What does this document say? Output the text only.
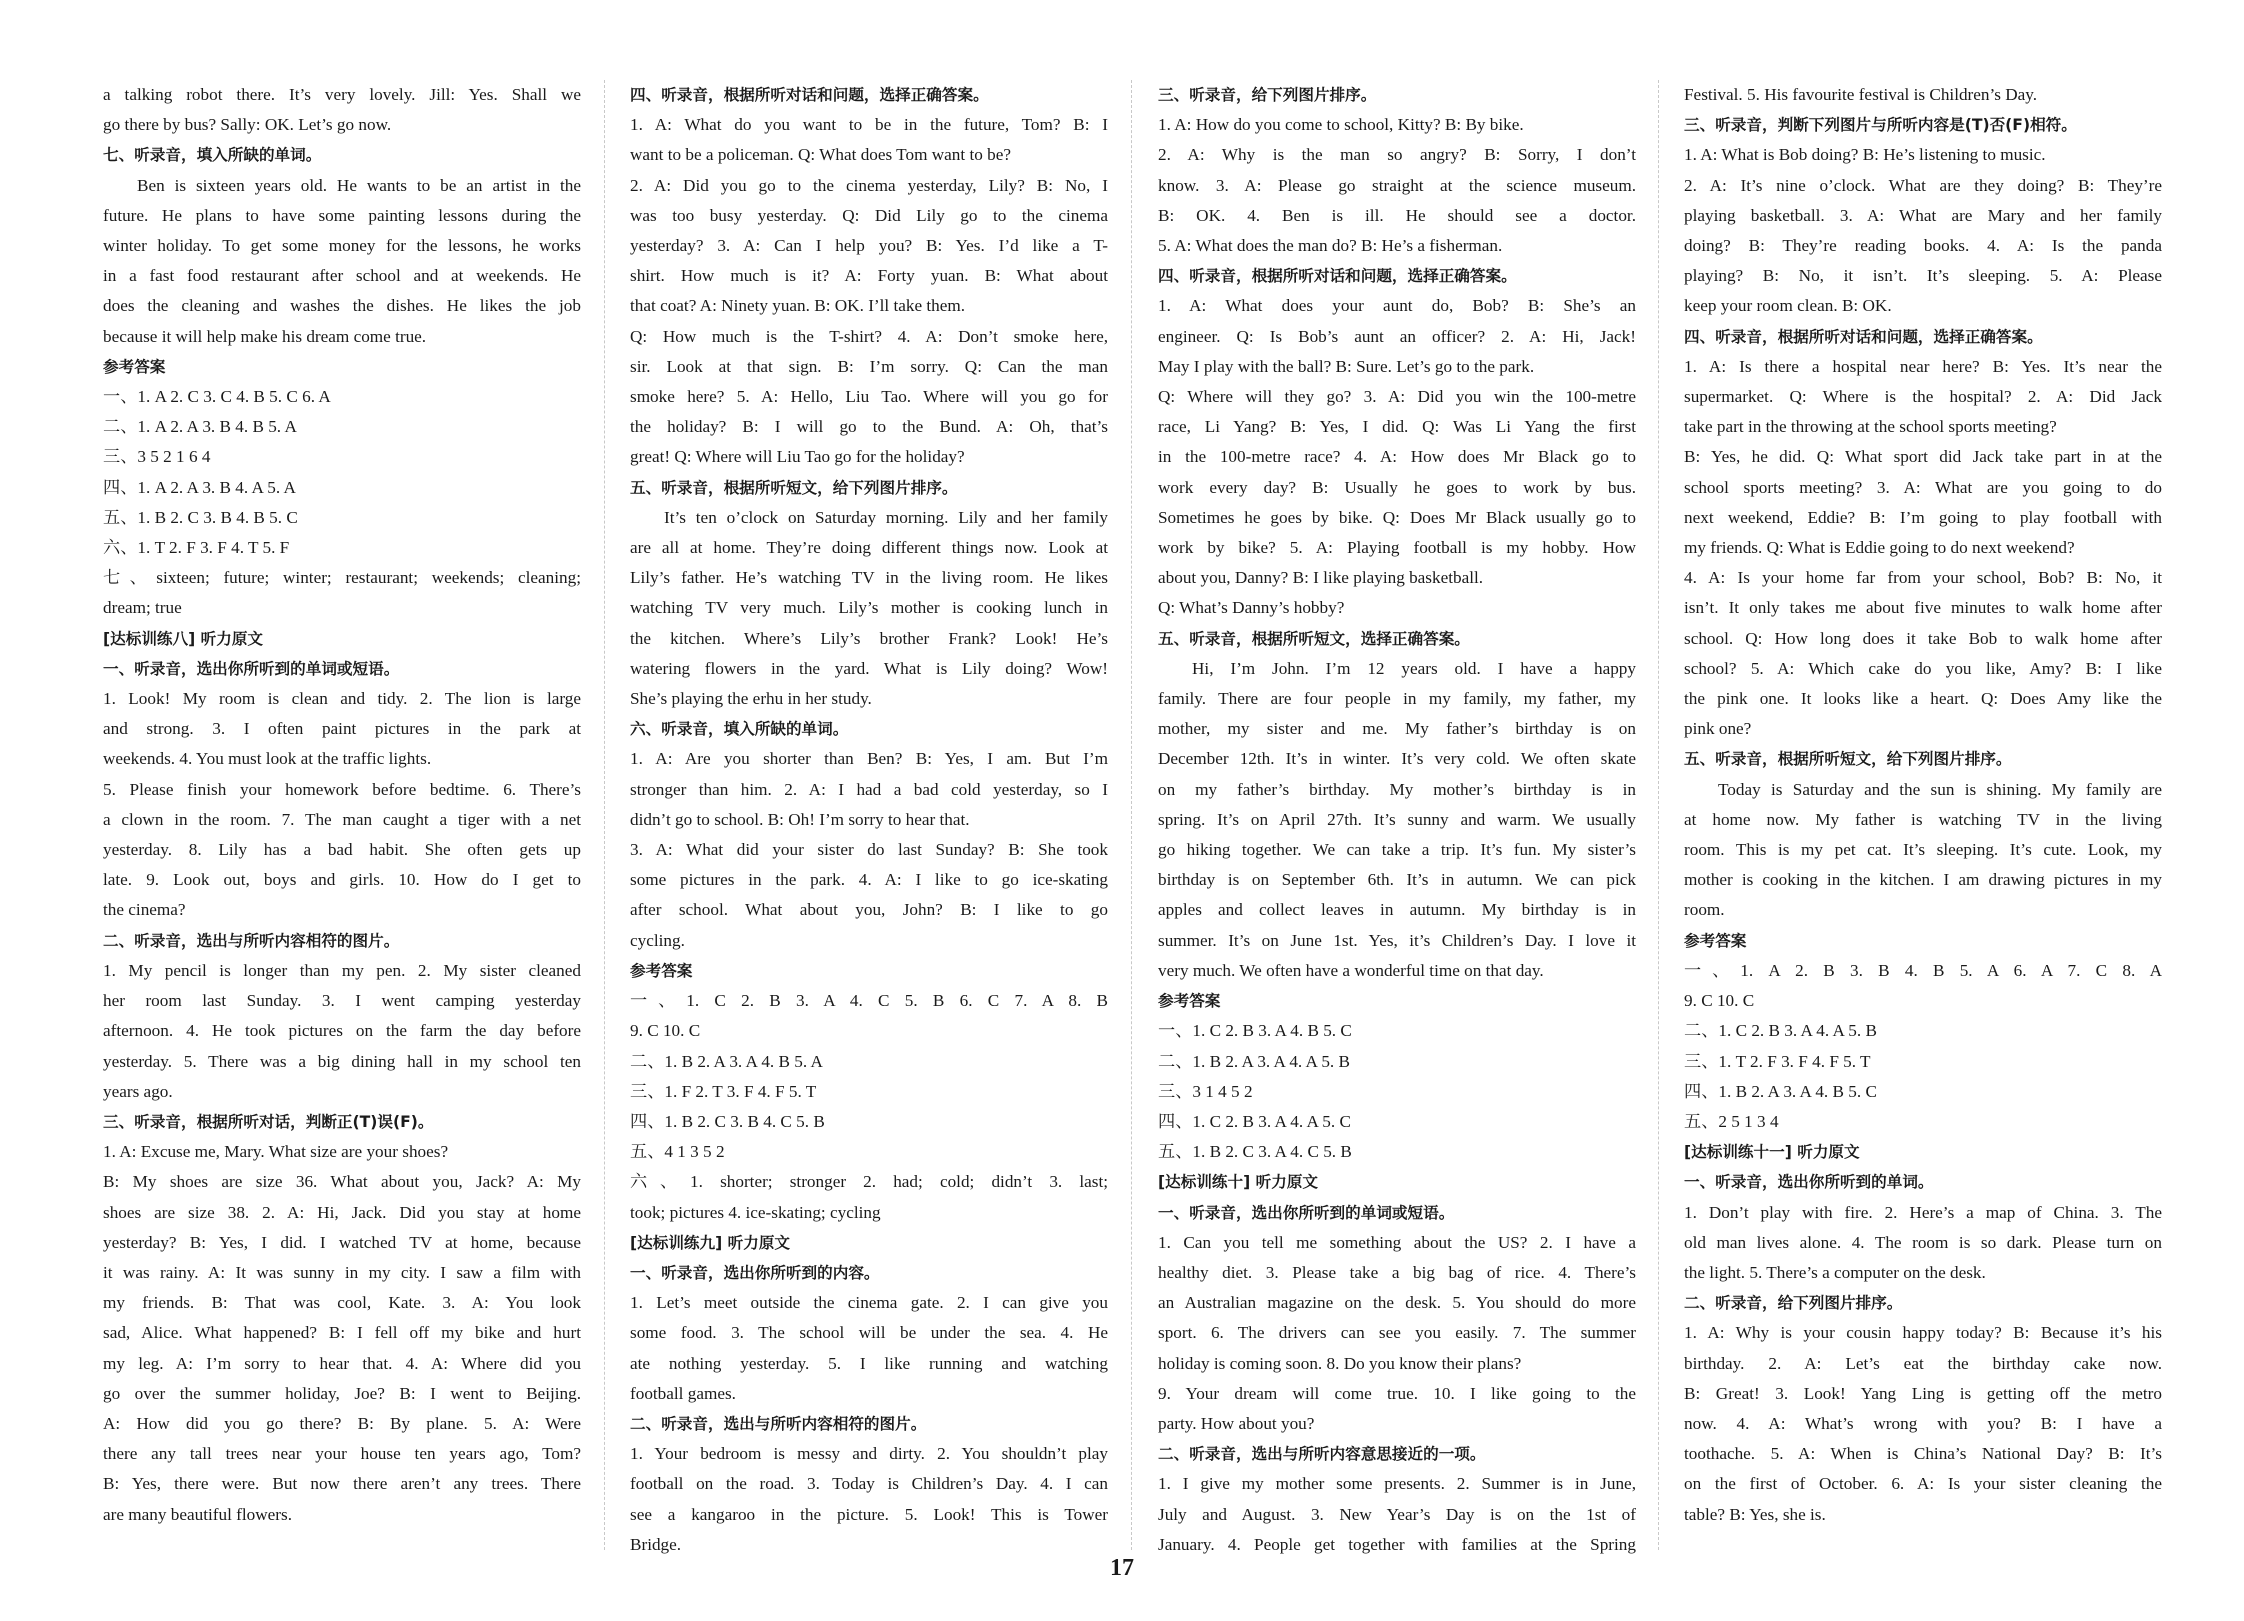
a talking robot there. It’s very lovely. Jill: Yes. Shall we
go there by bus? Sally: OK. Let’s go now.
七、听录音，填入所缺的单词。
Ben is sixteen years old. He wants to be an artist in the
future. He plans to have some painting lessons during the
winter holiday. To get some money for the lessons, he works
in a fast food restaurant after school and at weekends. He
does the cleaning and washes the dishes. He likes the job
because it will help make his dream come true.
参考答案
一、1. A 2. C 3. C 4. B 5. C 6. A
二、1. A 2. A 3. B 4. B 5. A
三、3 5 2 1 6 4
四、1. A 2. A 3. B 4. A 5. A
五、1. B 2. C 3. B 4. B 5. C
六、1. T 2. F 3. F 4. T 5. F
七、sixteen; future; winter; restaurant; weekends; cleaning;
dream; true
[达标训练八] 听力原文
一、听录音，选出你所听到的单词或短语。
1. Look! My room is clean and tidy. 2. The lion is large
and strong. 3. I often paint pictures in the park at
weekends. 4. You must look at the traffic lights.
5. Please finish your homework before bedtime. 6. There’s
a clown in the room. 7. The man caught a tiger with a net
yesterday. 8. Lily has a bad habit. She often gets up
late. 9. Look out, boys and girls. 10. How do I get to
the cinema?
二、听录音，选出与所听内容相符的图片。
1. My pencil is longer than my pen. 2. My sister cleaned
her room last Sunday. 3. I went camping yesterday
afternoon. 4. He took pictures on the farm the day before
yesterday. 5. There was a big dining hall in my school ten
years ago.
三、听录音，根据所听对话，判断正(T)误(F)。
1. A: Excuse me, Mary. What size are your shoes?
B: My shoes are size 36. What about you, Jack? A: My
shoes are size 38. 2. A: Hi, Jack. Did you stay at home
yesterday? B: Yes, I did. I watched TV at home, because
it was rainy. A: It was sunny in my city. I saw a film with
my friends. B: That was cool, Kate. 3. A: You look
sad, Alice. What happened? B: I fell off my bike and hurt
my leg. A: I’m sorry to hear that. 4. A: Where did you
go over the summer holiday, Joe? B: I went to Beijing.
A: How did you go there? B: By plane. 5. A: Were
there any tall trees near your house ten years ago, Tom?
B: Yes, there were. But now there aren’t any trees. There
are many beautiful flowers.
四、听录音，根据所听对话和问题，选择正确答案。
1. A: What do you want to be in the future, Tom? B: I
want to be a policeman. Q: What does Tom want to be?
2. A: Did you go to the cinema yesterday, Lily? B: No, I
was too busy yesterday. Q: Did Lily go to the cinema
yesterday? 3. A: Can I help you? B: Yes. I’d like a T-
shirt. How much is it? A: Forty yuan. B: What about
that coat? A: Ninety yuan. B: OK. I’ll take them.
Q: How much is the T-shirt? 4. A: Don’t smoke here,
sir. Look at that sign. B: I’m sorry. Q: Can the man
smoke here? 5. A: Hello, Liu Tao. Where will you go for
the holiday? B: I will go to the Bund. A: Oh, that’s
great! Q: Where will Liu Tao go for the holiday?
五、听录音，根据所听短文，给下列图片排序。
It’s ten o’clock on Saturday morning. Lily and her family
are all at home. They’re doing different things now. Look at
Lily’s father. He’s watching TV in the living room. He likes
watching TV very much. Lily’s mother is cooking lunch in
the kitchen. Where’s Lily’s brother Frank? Look! He’s
watering flowers in the yard. What is Lily doing? Wow!
She’s playing the erhu in her study.
六、听录音，填入所缺的单词。
1. A: Are you shorter than Ben? B: Yes, I am. But I’m
stronger than him. 2. A: I had a bad cold yesterday, so I
didn’t go to school. B: Oh! I’m sorry to hear that.
3. A: What did your sister do last Sunday? B: She took
some pictures in the park. 4. A: I like to go ice-skating
after school. What about you, John? B: I like to go
cycling.
参考答案
一、1. C 2. B 3. A 4. C 5. B 6. C 7. A 8. B
9. C 10. C
二、1. B 2. A 3. A 4. B 5. A
三、1. F 2. T 3. F 4. F 5. T
四、1. B 2. C 3. B 4. C 5. B
五、4 1 3 5 2
六、1. shorter; stronger 2. had; cold; didn’t 3. last;
took; pictures 4. ice-skating; cycling
[达标训练九] 听力原文
一、听录音，选出你所听到的内容。
1. Let’s meet outside the cinema gate. 2. I can give you
some food. 3. The school will be under the sea. 4. He
ate nothing yesterday. 5. I like running and watching
football games.
二、听录音，选出与所听内容相符的图片。
1. Your bedroom is messy and dirty. 2. You shouldn’t play
football on the road. 3. Today is Children’s Day. 4. I can
see a kangaroo in the picture. 5. Look! This is Tower
Bridge.
三、听录音，给下列图片排序。
1. A: How do you come to school, Kitty? B: By bike.
2. A: Why is the man so angry? B: Sorry, I don’t
know. 3. A: Please go straight at the science museum.
B: OK. 4. Ben is ill. He should see a doctor.
5. A: What does the man do? B: He’s a fisherman.
四、听录音，根据所听对话和问题，选择正确答案。
1. A: What does your aunt do, Bob? B: She’s an
engineer. Q: Is Bob’s aunt an officer? 2. A: Hi, Jack!
May I play with the ball? B: Sure. Let’s go to the park.
Q: Where will they go? 3. A: Did you win the 100-metre
race, Li Yang? B: Yes, I did. Q: Was Li Yang the first
in the 100-metre race? 4. A: How does Mr Black go to
work every day? B: Usually he goes to work by bus.
Sometimes he goes by bike. Q: Does Mr Black usually go to
work by bike? 5. A: Playing football is my hobby. How
about you, Danny? B: I like playing basketball.
Q: What’s Danny’s hobby?
五、听录音，根据所听短文，选择正确答案。
Hi, I’m John. I’m 12 years old. I have a happy
family. There are four people in my family, my father, my
mother, my sister and me. My father’s birthday is on
December 12th. It’s in winter. It’s very cold. We often skate
on my father’s birthday. My mother’s birthday is in
spring. It’s on April 27th. It’s sunny and warm. We usually
go hiking together. We can take a trip. It’s fun. My sister’s
birthday is on September 6th. It’s in autumn. We can pick
apples and collect leaves in autumn. My birthday is in
summer. It’s on June 1st. Yes, it’s Children’s Day. I love it
very much. We often have a wonderful time on that day.
参考答案
一、1. C 2. B 3. A 4. B 5. C
二、1. B 2. A 3. A 4. A 5. B
三、3 1 4 5 2
四、1. C 2. B 3. A 4. A 5. C
五、1. B 2. C 3. A 4. C 5. B
[达标训练十] 听力原文
一、听录音，选出你所听到的单词或短语。
1. Can you tell me something about the US? 2. I have a
healthy diet. 3. Please take a big bag of rice. 4. There’s
an Australian magazine on the desk. 5. You should do more
sport. 6. The drivers can see you easily. 7. The summer
holiday is coming soon. 8. Do you know their plans?
9. Your dream will come true. 10. I like going to the
party. How about you?
二、听录音，选出与所听内容意思接近的一项。
1. I give my mother some presents. 2. Summer is in June,
July and August. 3. New Year’s Day is on the 1st of
January. 4. People get together with families at the Spring
Festival. 5. His favourite festival is Children’s Day.
三、听录音，判断下列图片与所听内容是(T)否(F)相符。
1. A: What is Bob doing? B: He’s listening to music.
2. A: It’s nine o’clock. What are they doing? B: They’re
playing basketball. 3. A: What are Mary and her family
doing? B: They’re reading books. 4. A: Is the panda
playing? B: No, it isn’t. It’s sleeping. 5. A: Please
keep your room clean. B: OK.
四、听录音，根据所听对话和问题，选择正确答案。
1. A: Is there a hospital near here? B: Yes. It’s near the
supermarket. Q: Where is the hospital? 2. A: Did Jack
take part in the throwing at the school sports meeting?
B: Yes, he did. Q: What sport did Jack take part in at the
school sports meeting? 3. A: What are you going to do
next weekend, Eddie? B: I’m going to play football with
my friends. Q: What is Eddie going to do next weekend?
4. A: Is your home far from your school, Bob? B: No, it
isn’t. It only takes me about five minutes to walk home after
school. Q: How long does it take Bob to walk home after
school? 5. A: Which cake do you like, Amy? B: I like
the pink one. It looks like a heart. Q: Does Amy like the
pink one?
五、听录音，根据所听短文，给下列图片排序。
Today is Saturday and the sun is shining. My family are
at home now. My father is watching TV in the living
room. This is my pet cat. It’s sleeping. It’s cute. Look, my
mother is cooking in the kitchen. I am drawing pictures in my
room.
参考答案
一、1. A 2. B 3. B 4. B 5. A 6. A 7. C 8. A
9. C 10. C
二、1. C 2. B 3. A 4. A 5. B
三、1. T 2. F 3. F 4. F 5. T
四、1. B 2. A 3. A 4. B 5. C
五、2 5 1 3 4
[达标训练十一] 听力原文
一、听录音，选出你所听到的单词。
1. Don’t play with fire. 2. Here’s a map of China. 3. The
old man lives alone. 4. The room is so dark. Please turn on
the light. 5. There’s a computer on the desk.
二、听录音，给下列图片排序。
1. A: Why is your cousin happy today? B: Because it’s his
birthday. 2. A: Let’s eat the birthday cake now.
B: Great! 3. Look! Yang Ling is getting off the metro
now. 4. A: What’s wrong with you? B: I have a
toothache. 5. A: When is China’s National Day? B: It’s
on the first of October. 6. A: Is your sister cleaning the
table? B: Yes, she is.
17
